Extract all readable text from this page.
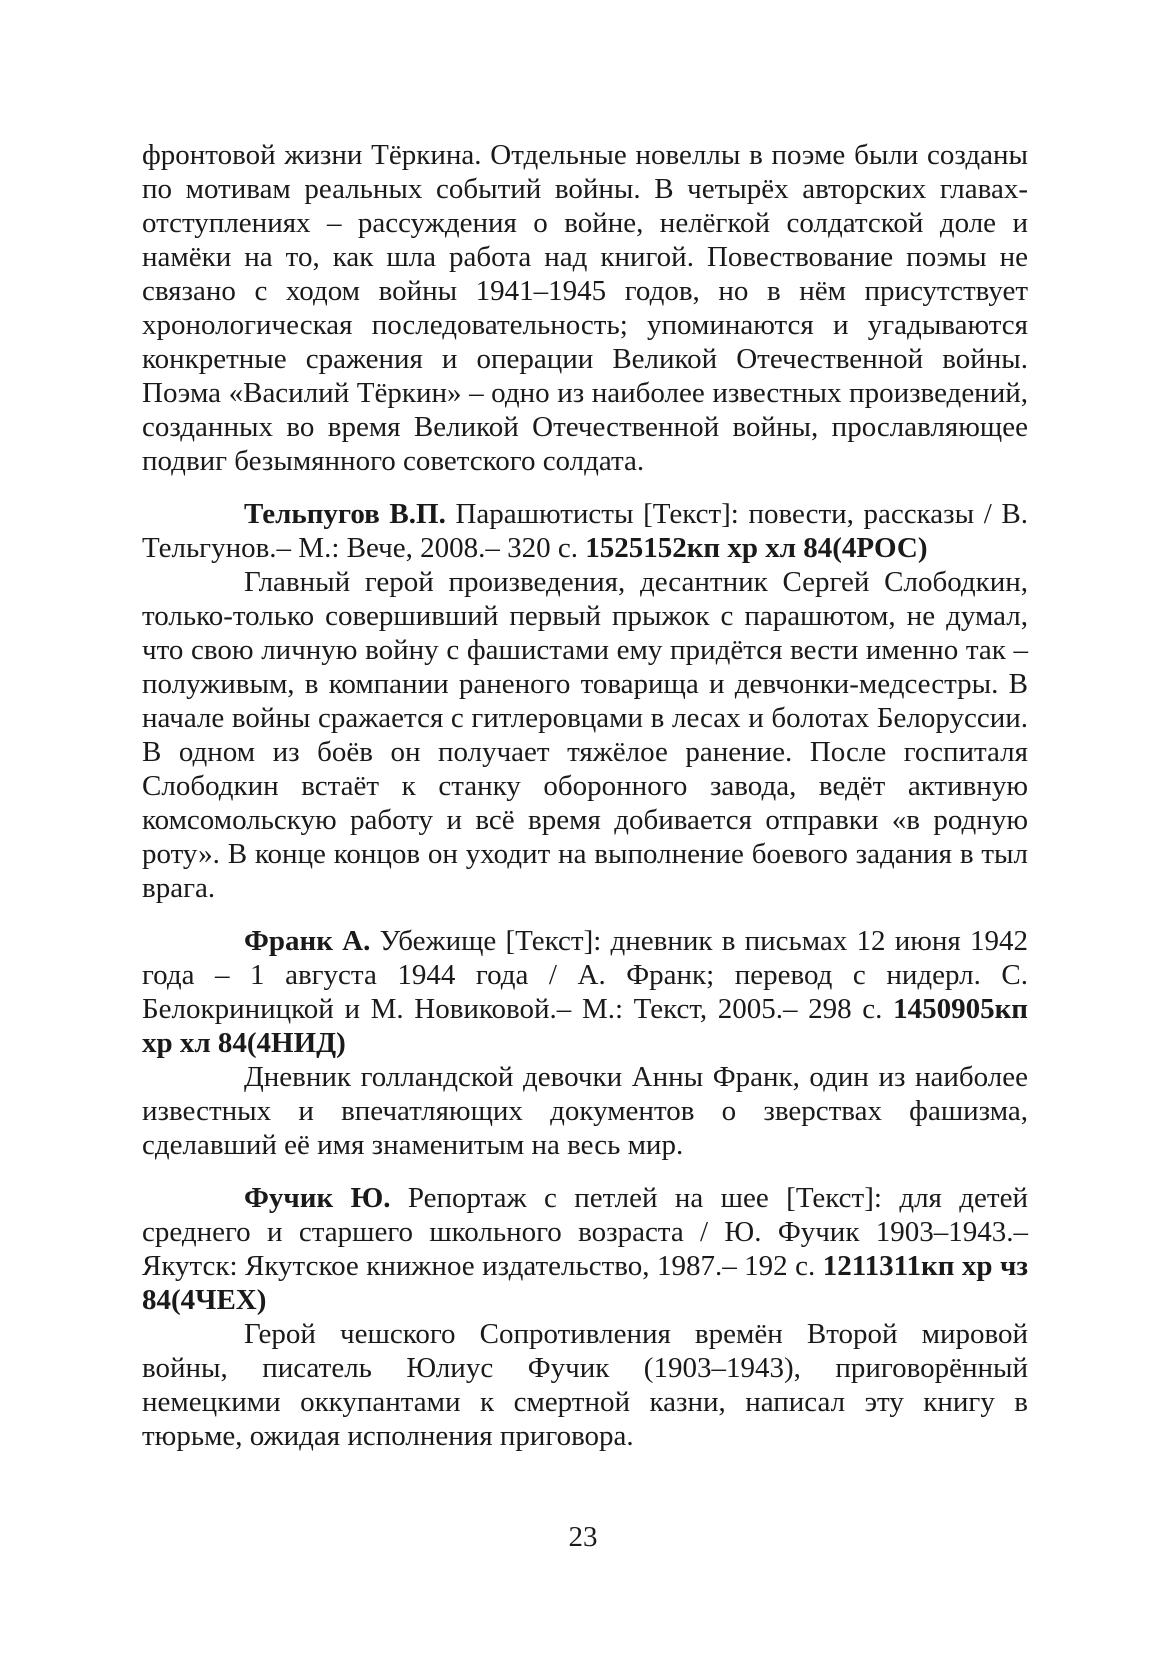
фронтовой жизни Тёркина. Отдельные новеллы в поэме были созданы по мотивам реальных событий войны. В четырёх авторских главах-отступлениях – рассуждения о войне, нелёгкой солдатской доле и намёки на то, как шла работа над книгой. Повествование поэмы не связано с ходом войны 1941–1945 годов, но в нём присутствует хронологическая последовательность; упоминаются и угадываются конкретные сражения и операции Великой Отечественной войны. Поэма «Василий Тёркин» – одно из наиболее известных произведений, созданных во время Великой Отечественной войны, прославляющее подвиг безымянного советского солдата.

Тельпугов В.П. Парашютисты [Текст]: повести, рассказы / В. Тельгунов.– М.: Вече, 2008.– 320 с. 1525152кп хр хл 84(4РОС)

Главный герой произведения, десантник Сергей Слободкин, только-только совершивший первый прыжок с парашютом, не думал, что свою личную войну с фашистами ему придётся вести именно так – полуживым, в компании раненого товарища и девчонки-медсестры. В начале войны сражается с гитлеровцами в лесах и болотах Белоруссии. В одном из боёв он получает тяжёлое ранение. После госпиталя Слободкин встаёт к станку оборонного завода, ведёт активную комсомольскую работу и всё время добивается отправки «в родную роту». В конце концов он уходит на выполнение боевого задания в тыл врага.

Франк А. Убежище [Текст]: дневник в письмах 12 июня 1942 года – 1 августа 1944 года / А. Франк; перевод с нидерл. С. Белокриницкой и М. Новиковой.– М.: Текст, 2005.– 298 с. 1450905кп хр хл 84(4НИД)

Дневник голландской девочки Анны Франк, один из наиболее известных и впечатляющих документов о зверствах фашизма, сделавший её имя знаменитым на весь мир.

Фучик Ю. Репортаж с петлей на шее [Текст]: для детей среднего и старшего школьного возраста / Ю. Фучик 1903–1943.– Якутск: Якутское книжное издательство, 1987.– 192 с. 1211311кп хр чз 84(4ЧЕХ)

Герой чешского Сопротивления времён Второй мировой войны, писатель Юлиус Фучик (1903–1943), приговорённый немецкими оккупантами к смертной казни, написал эту книгу в тюрьме, ожидая исполнения приговора.

23
